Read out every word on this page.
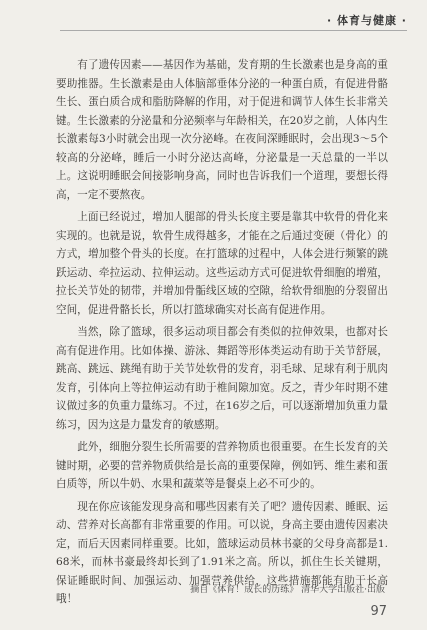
· 体育与健康 ·

有了遗传因素——基因作为基础，发育期的生长激素也是身高的重要助推器。生长激素是由人体脑部垂体分泌的一种蛋白质，有促进骨骼生长、蛋白质合成和脂肪降解的作用，对于促进和调节人体生长非常关键。生长激素的分泌量和分泌频率与年龄相关，在20岁之前，人体内生长激素每3小时就会出现一次分泌峰。在夜间深睡眠时，会出现3～5个较高的分泌峰，睡后一小时分泌达高峰，分泌量是一天总量的一半以上。这说明睡眠会间接影响身高，同时也告诉我们一个道理，要想长得高，一定不要熬夜。

上面已经说过，增加人腿部的骨头长度主要是靠其中软骨的骨化来实现的。也就是说，软骨生成得越多，才能在之后通过变硬（骨化）的方式，增加整个骨头的长度。在打篮球的过程中，人体会进行频繁的跳跃运动、牵拉运动、拉伸运动。这些运动方式可促进软骨细胞的增殖，拉长关节处的韧带，并增加骨骺线区域的空隙，给软骨细胞的分裂留出空间，促进骨骼长长，所以打篮球确实对长高有促进作用。

当然，除了篮球，很多运动项目都会有类似的拉伸效果，也都对长高有促进作用。比如体操、游泳、舞蹈等形体类运动有助于关节舒展，跳高、跳远、跳绳有助于关节处软骨的发育，羽毛球、足球有利于肌肉发育，引体向上等拉伸运动有助于椎间隙加宽。反之，青少年时期不建议做过多的负重力量练习。不过，在16岁之后，可以逐渐增加负重力量练习，因为这是力量发育的敏感期。

此外，细胞分裂生长所需要的营养物质也很重要。在生长发育的关键时期，必要的营养物质供给是长高的重要保障，例如钙、维生素和蛋白质等，所以牛奶、水果和蔬菜等是餐桌上必不可少的。

现在你应该能发现身高和哪些因素有关了吧？遗传因素、睡眠、运动、营养对长高都有非常重要的作用。可以说，身高主要由遗传因素决定，而后天因素同样重要。比如，篮球运动员林书豪的父母身高都是1.68米，而林书豪最终却长到了1.91米之高。所以，抓住生长关键期，保证睡眠时间、加强运动、加强营养供给，这些措施都能有助于长高哦！

摘自《体育！成长的历练》 清华大学出版社·出版
97
